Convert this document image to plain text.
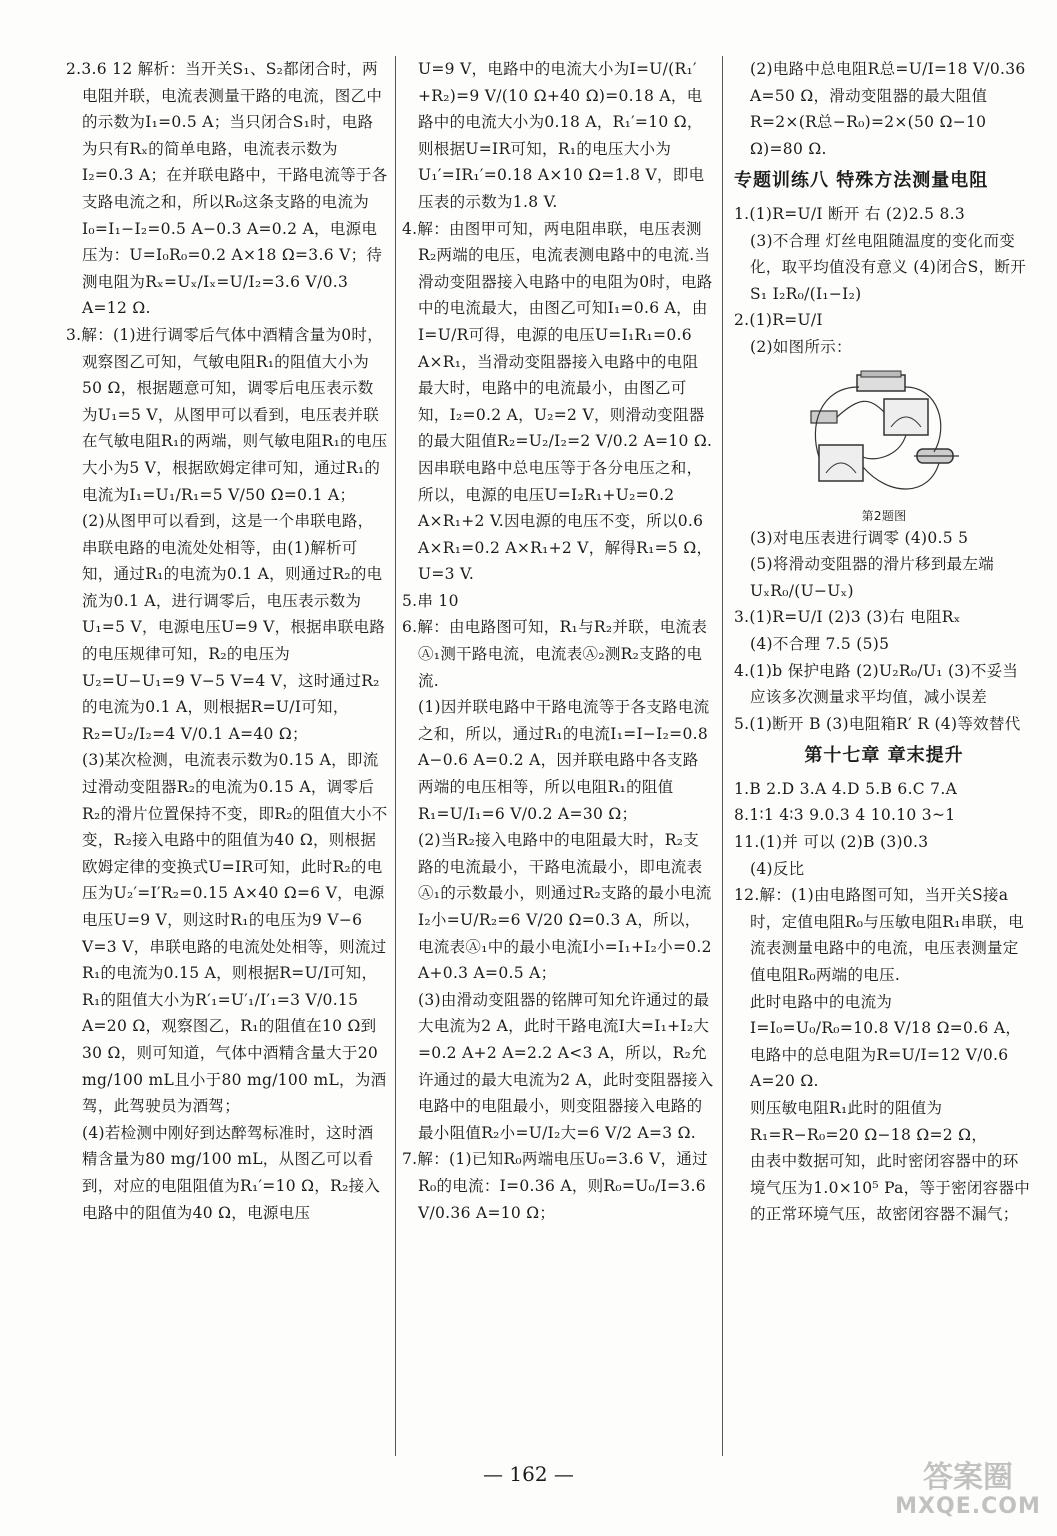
2.3.6 12 解析：当开关S₁、S₂都闭合时，两电阻并联，电流表测量干路的电流，图乙中的示数为I₁=0.5 A；当只闭合S₁时，电路为只有Rₓ的简单电路，电流表示数为I₂=0.3 A；在并联电路中，干路电流等于各支路电流之和，所以R₀这条支路的电流为I₀=I₁−I₂=0.5 A−0.3 A=0.2 A，电源电压为：U=I₀R₀=0.2 A×18 Ω=3.6 V；待测电阻为Rₓ=Uₓ/Iₓ=U/I₂=3.6 V/0.3 A=12 Ω.

3.解：(1)进行调零后气体中酒精含量为0时，观察图乙可知，气敏电阻R₁的阻值大小为50 Ω，根据题意可知，调零后电压表示数为U₁=5 V，从图甲可以看到，电压表并联在气敏电阻R₁的两端，则气敏电阻R₁的电压大小为5 V，根据欧姆定律可知，通过R₁的电流为I₁=U₁/R₁=5 V/50 Ω=0.1 A；

(2)从图甲可以看到，这是一个串联电路，串联电路的电流处处相等，由(1)解析可知，通过R₁的电流为0.1 A，则通过R₂的电流为0.1 A，进行调零后，电压表示数为U₁=5 V，电源电压U=9 V，根据串联电路的电压规律可知，R₂的电压为U₂=U−U₁=9 V−5 V=4 V，这时通过R₂的电流为0.1 A，则根据R=U/I可知，R₂=U₂/I₂=4 V/0.1 A=40 Ω；

(3)某次检测，电流表示数为0.15 A，即流过滑动变阻器R₂的电流为0.15 A，调零后R₂的滑片位置保持不变，即R₂的阻值大小不变，R₂接入电路中的阻值为40 Ω，则根据欧姆定律的变换式U=IR可知，此时R₂的电压为U₂′=I′R₂=0.15 A×40 Ω=6 V，电源电压U=9 V，则这时R₁的电压为9 V−6 V=3 V，串联电路的电流处处相等，则流过R₁的电流为0.15 A，则根据R=U/I可知，R₁的阻值大小为R′₁=U′₁/I′₁=3 V/0.15 A=20 Ω，观察图乙，R₁的阻值在10 Ω到30 Ω，则可知道，气体中酒精含量大于20 mg/100 mL且小于80 mg/100 mL，为酒驾，此驾驶员为酒驾；

(4)若检测中刚好到达醉驾标准时，这时酒精含量为80 mg/100 mL，从图乙可以看到，对应的电阻阻值为R₁′=10 Ω，R₂接入电路中的阻值为40 Ω，电源电压

U=9 V，电路中的电流大小为I=U/(R₁′+R₂)=9 V/(10 Ω+40 Ω)=0.18 A，电路中的电流大小为0.18 A，R₁′=10 Ω，则根据U=IR可知，R₁的电压大小为U₁′=IR₁′=0.18 A×10 Ω=1.8 V，即电压表的示数为1.8 V.

4.解：由图甲可知，两电阻串联，电压表测R₂两端的电压，电流表测电路中的电流.当滑动变阻器接入电路中的电阻为0时，电路中的电流最大，由图乙可知I₁=0.6 A，由I=U/R可得，电源的电压U=I₁R₁=0.6 A×R₁，当滑动变阻器接入电路中的电阻最大时，电路中的电流最小，由图乙可知，I₂=0.2 A，U₂=2 V，则滑动变阻器的最大阻值R₂=U₂/I₂=2 V/0.2 A=10 Ω.因串联电路中总电压等于各分电压之和，所以，电源的电压U=I₂R₁+U₂=0.2 A×R₁+2 V.因电源的电压不变，所以0.6 A×R₁=0.2 A×R₁+2 V，解得R₁=5 Ω，U=3 V.

5.串 10

6.解：由电路图可知，R₁与R₂并联，电流表Ⓐ₁测干路电流，电流表Ⓐ₂测R₂支路的电流.

(1)因并联电路中干路电流等于各支路电流之和，所以，通过R₁的电流I₁=I−I₂=0.8 A−0.6 A=0.2 A，因并联电路中各支路两端的电压相等，所以电阻R₁的阻值R₁=U/I₁=6 V/0.2 A=30 Ω；

(2)当R₂接入电路中的电阻最大时，R₂支路的电流最小，干路电流最小，即电流表Ⓐ₁的示数最小，则通过R₂支路的最小电流I₂小=U/R₂=6 V/20 Ω=0.3 A，所以，电流表Ⓐ₁中的最小电流I小=I₁+I₂小=0.2 A+0.3 A=0.5 A；

(3)由滑动变阻器的铭牌可知允许通过的最大电流为2 A，此时干路电流I大=I₁+I₂大=0.2 A+2 A=2.2 A<3 A，所以，R₂允许通过的最大电流为2 A，此时变阻器接入电路中的电阻最小，则变阻器接入电路的最小阻值R₂小=U/I₂大=6 V/2 A=3 Ω.

7.解：(1)已知R₀两端电压U₀=3.6 V，通过R₀的电流：I=0.36 A，则R₀=U₀/I=3.6 V/0.36 A=10 Ω；

(2)电路中总电阻R总=U/I=18 V/0.36 A=50 Ω，滑动变阻器的最大阻值R=2×(R总−R₀)=2×(50 Ω−10 Ω)=80 Ω.

专题训练八 特殊方法测量电阻

1.(1)R=U/I 断开 右 (2)2.5 8.3

(3)不合理 灯丝电阻随温度的变化而变化，取平均值没有意义 (4)闭合S，断开S₁ I₂R₀/(I₁−I₂)

2.(1)R=U/I

(2)如图所示：

第2题图

(3)对电压表进行调零 (4)0.5 5

(5)将滑动变阻器的滑片移到最左端 UₓR₀/(U−Uₓ)

3.(1)R=U/I (2)3 (3)右 电阻Rₓ

(4)不合理 7.5 (5)5

4.(1)b 保护电路 (2)U₂R₀/U₁ (3)不妥当

应该多次测量求平均值，减小误差

5.(1)断开 B (3)电阻箱R′ R (4)等效替代

第十七章 章末提升

1.B 2.D 3.A 4.D 5.B 6.C 7.A

8.1∶1 4∶3 9.0.3 4 10.10 3~1

11.(1)并 可以 (2)B (3)0.3

(4)反比

12.解：(1)由电路图可知，当开关S接a时，定值电阻R₀与压敏电阻R₁串联，电流表测量电路中的电流，电压表测量定值电阻R₀两端的电压.

此时电路中的电流为

I=I₀=U₀/R₀=10.8 V/18 Ω=0.6 A，

电路中的总电阻为R=U/I=12 V/0.6 A=20 Ω.

则压敏电阻R₁此时的阻值为

R₁=R−R₀=20 Ω−18 Ω=2 Ω，

由表中数据可知，此时密闭容器中的环境气压为1.0×10⁵ Pa，等于密闭容器中的正常环境气压，故密闭容器不漏气；

— 162 —	答案圈
MXQE.COM
